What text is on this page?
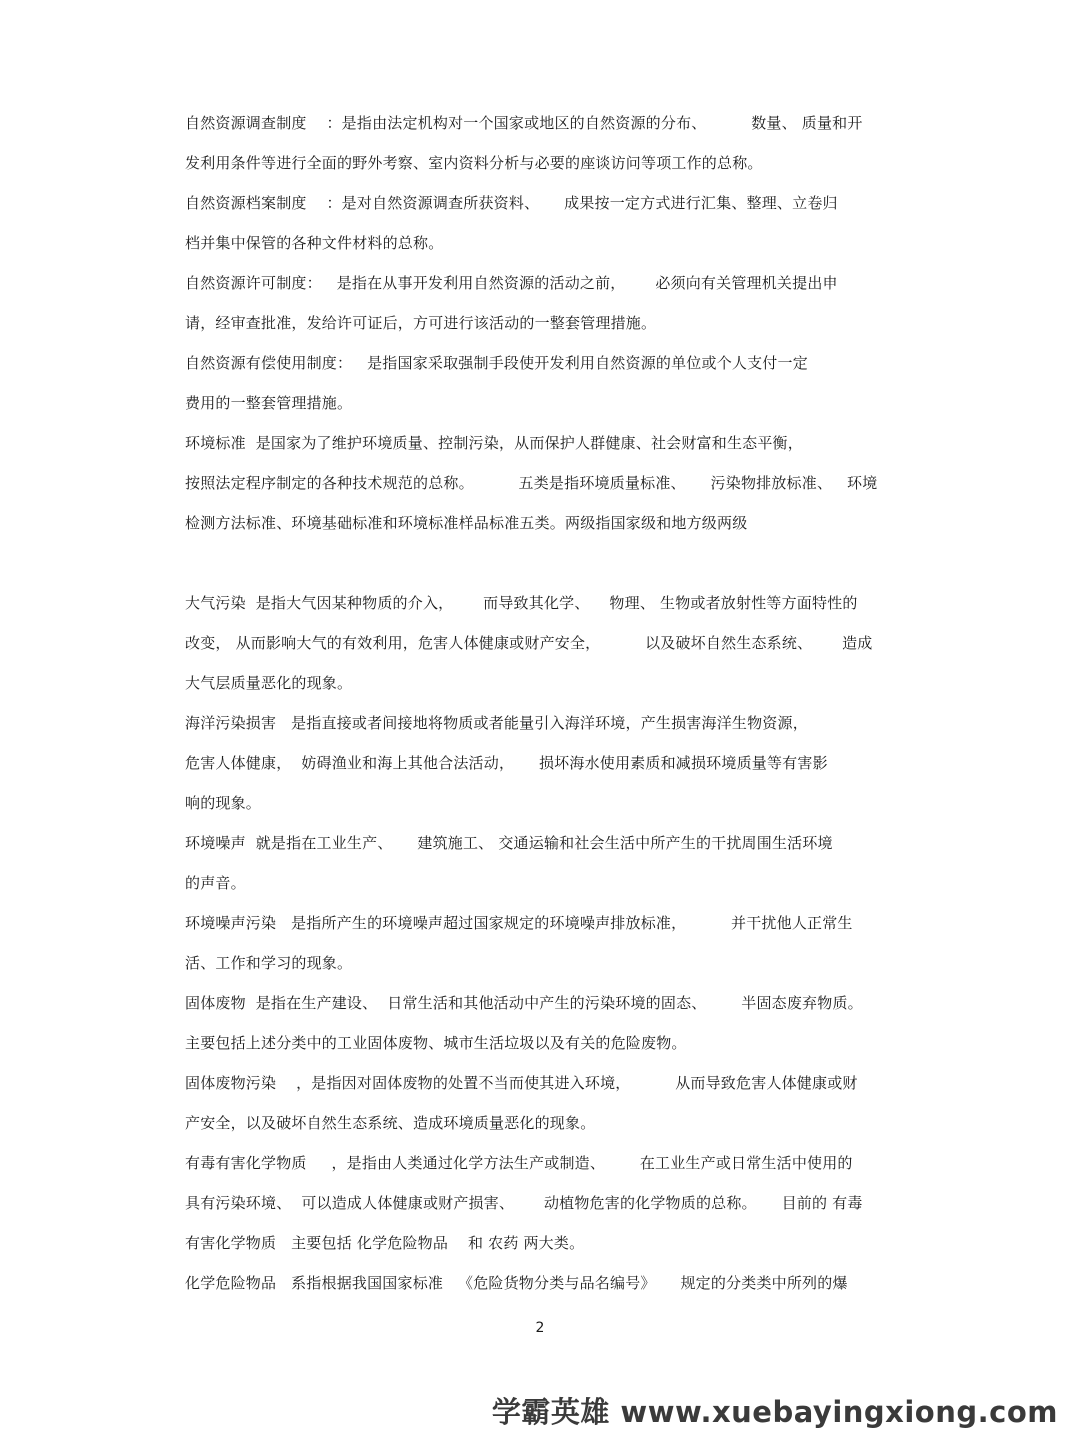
自然资源调查制度    ：是指由法定机构对一个国家或地区的自然资源的分布、         数量、 质量和开
发利用条件等进行全面的野外考察、室内资料分析与必要的座谈访问等项工作的总称。
自然资源档案制度    ：是对自然资源调查所获资料、     成果按一定方式进行汇集、整理、立卷归
档并集中保管的各种文件材料的总称。
自然资源许可制度：   是指在从事开发利用自然资源的活动之前，      必须向有关管理机关提出申
请，经审查批准，发给许可证后，方可进行该活动的一整套管理措施。
自然资源有偿使用制度：   是指国家采取强制手段使开发利用自然资源的单位或个人支付一定
费用的一整套管理措施。
环境标准  是国家为了维护环境质量、控制污染，从而保护人群健康、社会财富和生态平衡，
按照法定程序制定的各种技术规范的总称。         五类是指环境质量标准、     污染物排放标准、   环境
检测方法标准、环境基础标准和环境标准样品标准五类。两级指国家级和地方级两级
大气污染  是指大气因某种物质的介入，      而导致其化学、    物理、 生物或者放射性等方面特性的
改变， 从而影响大气的有效利用，危害人体健康或财产安全，         以及破坏自然生态系统、      造成
大气层质量恶化的现象。
海洋污染损害   是指直接或者间接地将物质或者能量引入海洋环境，产生损害海洋生物资源，
危害人体健康，  妨碍渔业和海上其他合法活动，     损坏海水使用素质和减损环境质量等有害影
响的现象。
环境噪声  就是指在工业生产、     建筑施工、 交通运输和社会生活中所产生的干扰周围生活环境
的声音。
环境噪声污染   是指所产生的环境噪声超过国家规定的环境噪声排放标准，         并干扰他人正常生
活、工作和学习的现象。
固体废物  是指在生产建设、  日常生活和其他活动中产生的污染环境的固态、       半固态废弃物质。
主要包括上述分类中的工业固体废物、城市生活垃圾以及有关的危险废物。
固体废物污染    ，是指因对固体废物的处置不当而使其进入环境，         从而导致危害人体健康或财
产安全，以及破坏自然生态系统、造成环境质量恶化的现象。
有毒有害化学物质     ，是指由人类通过化学方法生产或制造、       在工业生产或日常生活中使用的
具有污染环境、  可以造成人体健康或财产损害、      动植物危害的化学物质的总称。     目前的 有毒
有害化学物质   主要包括 化学危险物品    和 农药 两大类。
化学危险物品   系指根据我国国家标准   《危险货物分类与品名编号》     规定的分类类中所列的爆
2
学霸英雄 www.xuebayingxiong.com
